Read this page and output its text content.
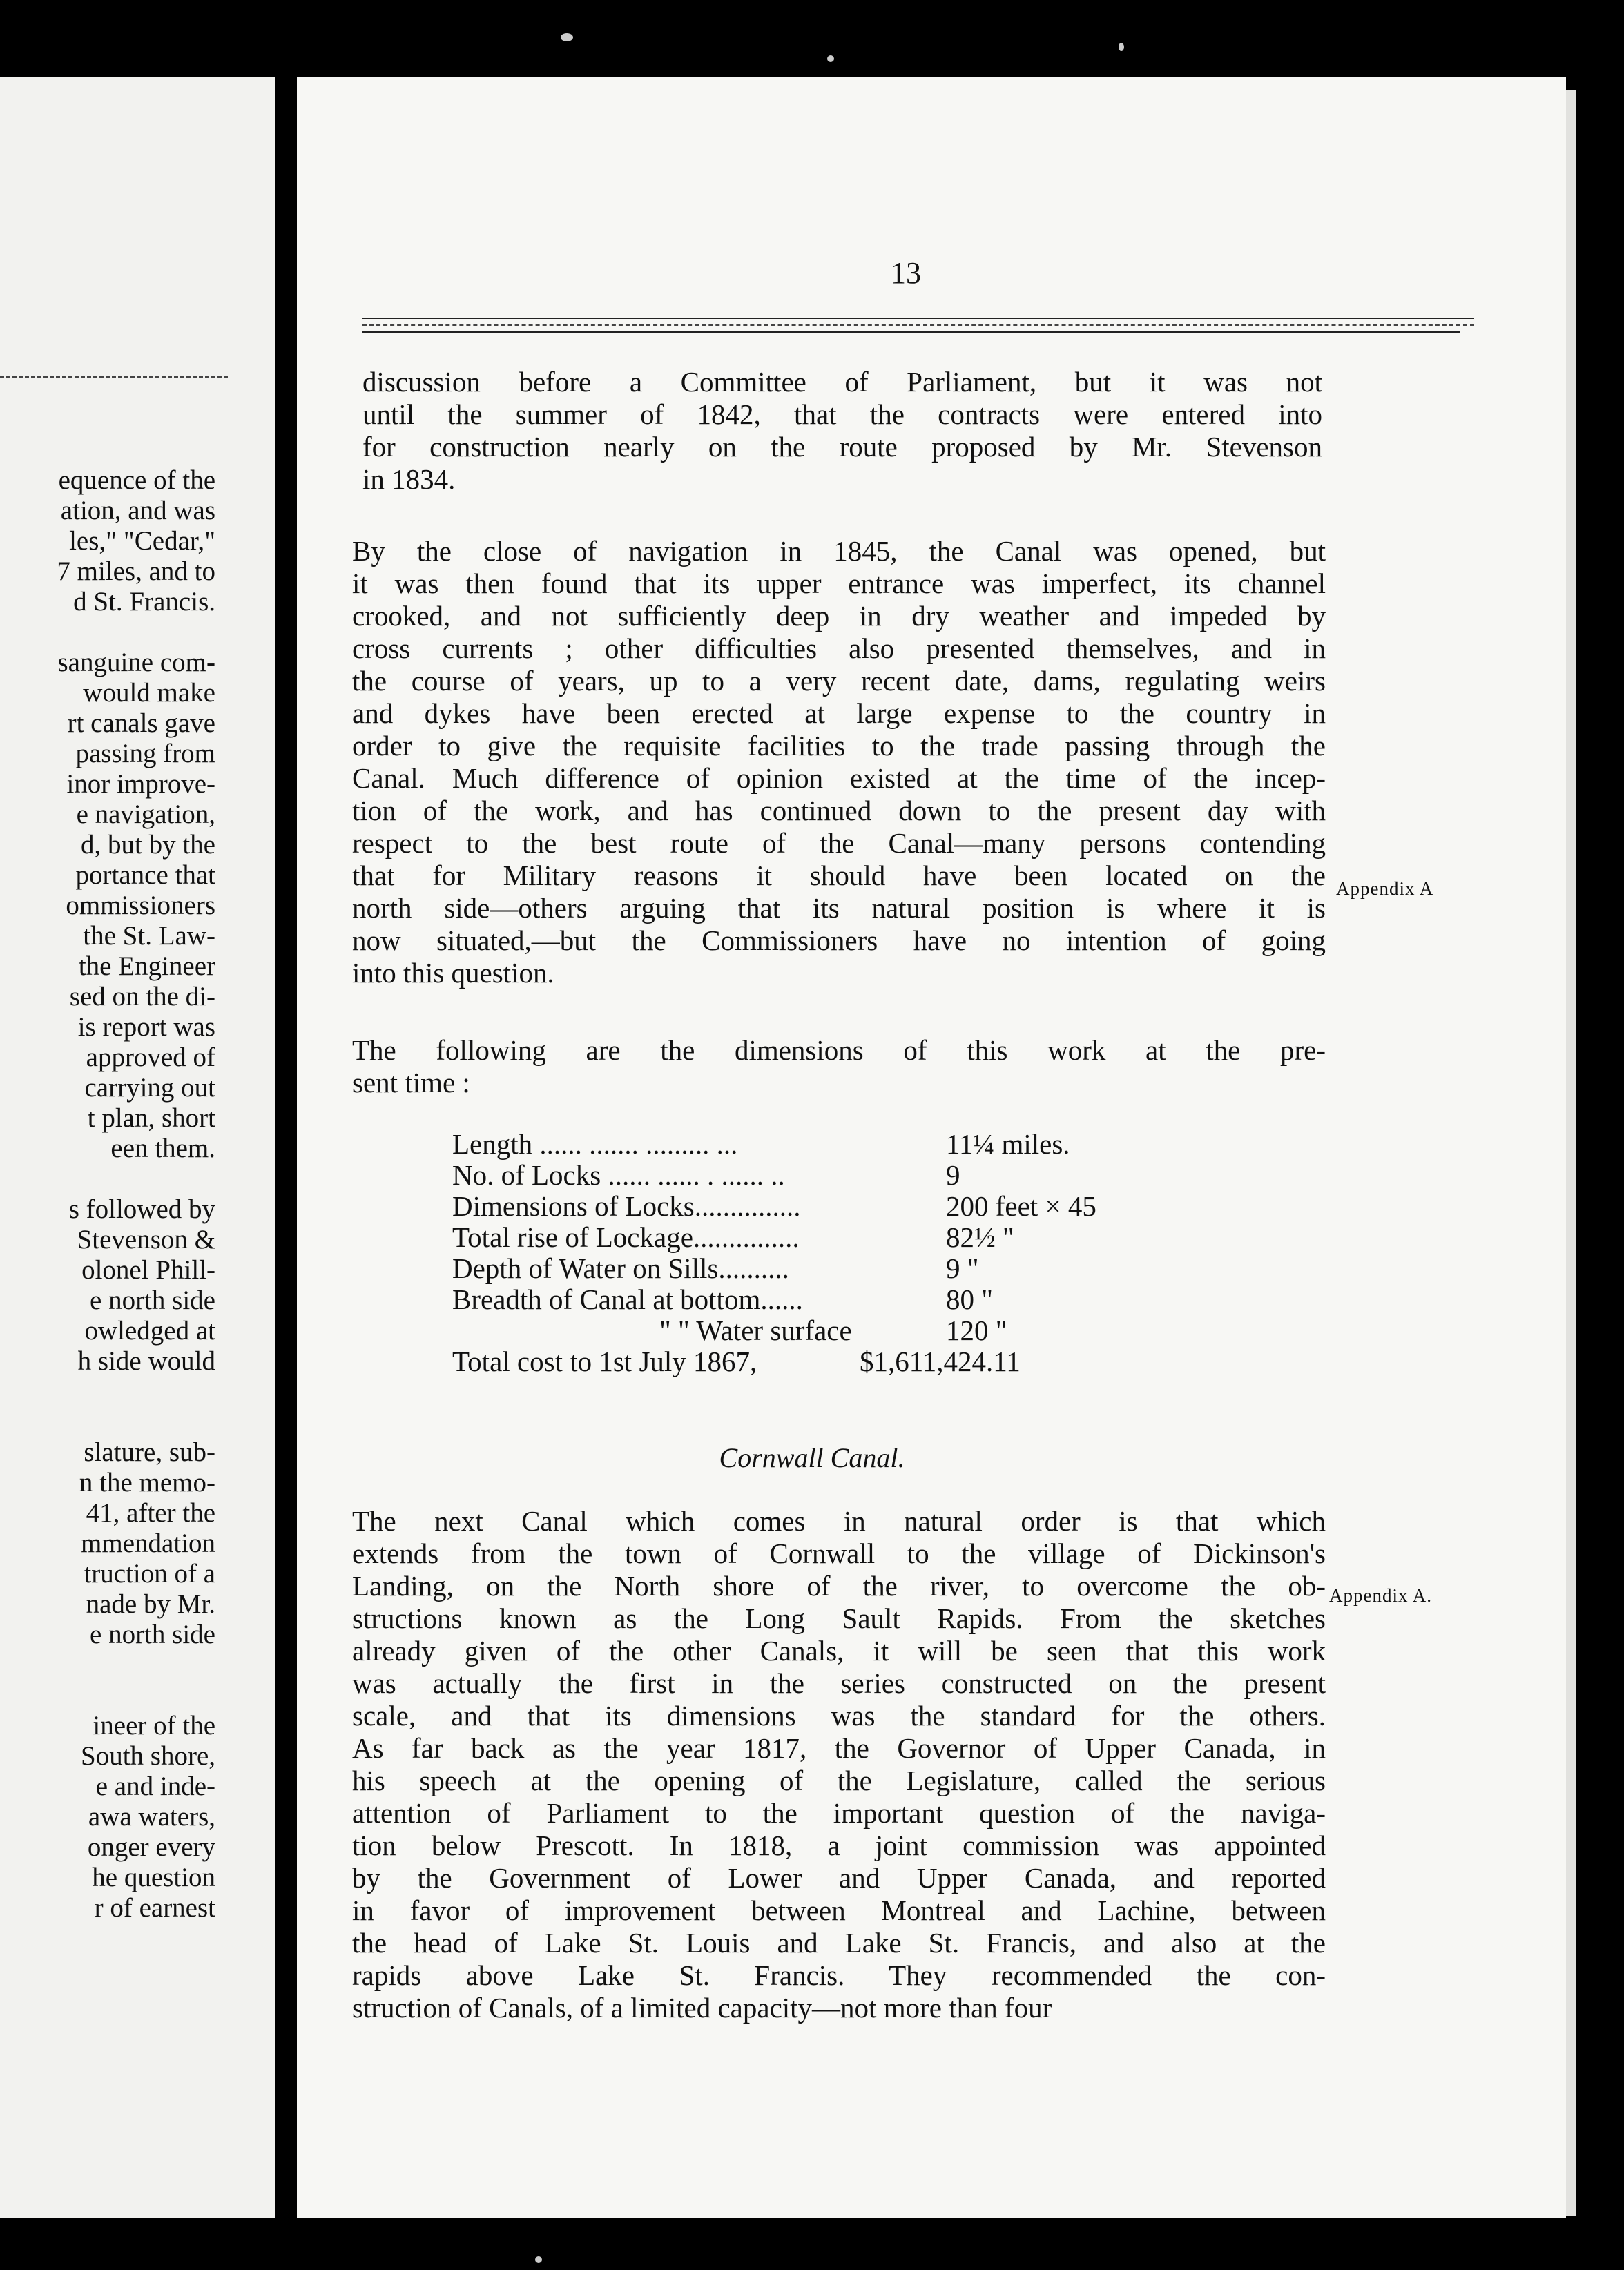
equence of the
ation, and was
les," "Cedar,"
7 miles, and to
d St. Francis.
sanguine com-
would make
rt canals gave
passing from
inor improve-
e navigation,
d, but by the
portance that
ommissioners
the St. Law-
the Engineer
sed on the di-
is report was
approved of
carrying out
t plan, short
een them.
s followed by
Stevenson &
olonel Phill-
e north side
owledged at
h side would
slature, sub-
n the memo-
41, after the
mmendation
truction of a
nade by Mr.
e north side
ineer of the
South shore,
e and inde-
awa waters,
onger every
he question
r of earnest
13
discussion before a Committee of Parliament, but it was not
until the summer of 1842, that the contracts were entered into
for construction nearly on the route proposed by Mr. Stevenson
in 1834.
By the close of navigation in 1845, the Canal was opened, but
it was then found that its upper entrance was imperfect, its channel
crooked, and not sufficiently deep in dry weather and impeded by
cross currents ; other difficulties also presented themselves, and in
the course of years, up to a very recent date, dams, regulating weirs
and dykes have been erected at large expense to the country in
order to give the requisite facilities to the trade passing through the
Canal. Much difference of opinion existed at the time of the incep-
tion of the work, and has continued down to the present day with
respect to the best route of the Canal—many persons contending
that for Military reasons it should have been located on the
north side—others arguing that its natural position is where it is
now situated,—but the Commissioners have no intention of going
into this question.
The following are the dimensions of this work at the pre-
sent time :
Length ...... ....... ......... ...	11¼ miles.
No. of Locks ...... ...... . ...... ..	9
Dimensions of Locks...............	200 feet × 45
Total rise of Lockage...............	82½ "
Depth of Water on Sills..........	9 "
Breadth of Canal at bottom......	80 "
" " Water surface	120 "
Total cost to 1st July 1867,	$1,611,424.11
Cornwall Canal.
The next Canal which comes in natural order is that which
extends from the town of Cornwall to the village of Dickinson's
Landing, on the North shore of the river, to overcome the ob-
structions known as the Long Sault Rapids. From the sketches
already given of the other Canals, it will be seen that this work
was actually the first in the series constructed on the present
scale, and that its dimensions was the standard for the others.
As far back as the year 1817, the Governor of Upper Canada, in
his speech at the opening of the Legislature, called the serious
attention of Parliament to the important question of the naviga-
tion below Prescott. In 1818, a joint commission was appointed
by the Government of Lower and Upper Canada, and reported
in favor of improvement between Montreal and Lachine, between
the head of Lake St. Louis and Lake St. Francis, and also at the
rapids above Lake St. Francis. They recommended the con-
struction of Canals, of a limited capacity—not more than four
Appendix A
Appendix A.
